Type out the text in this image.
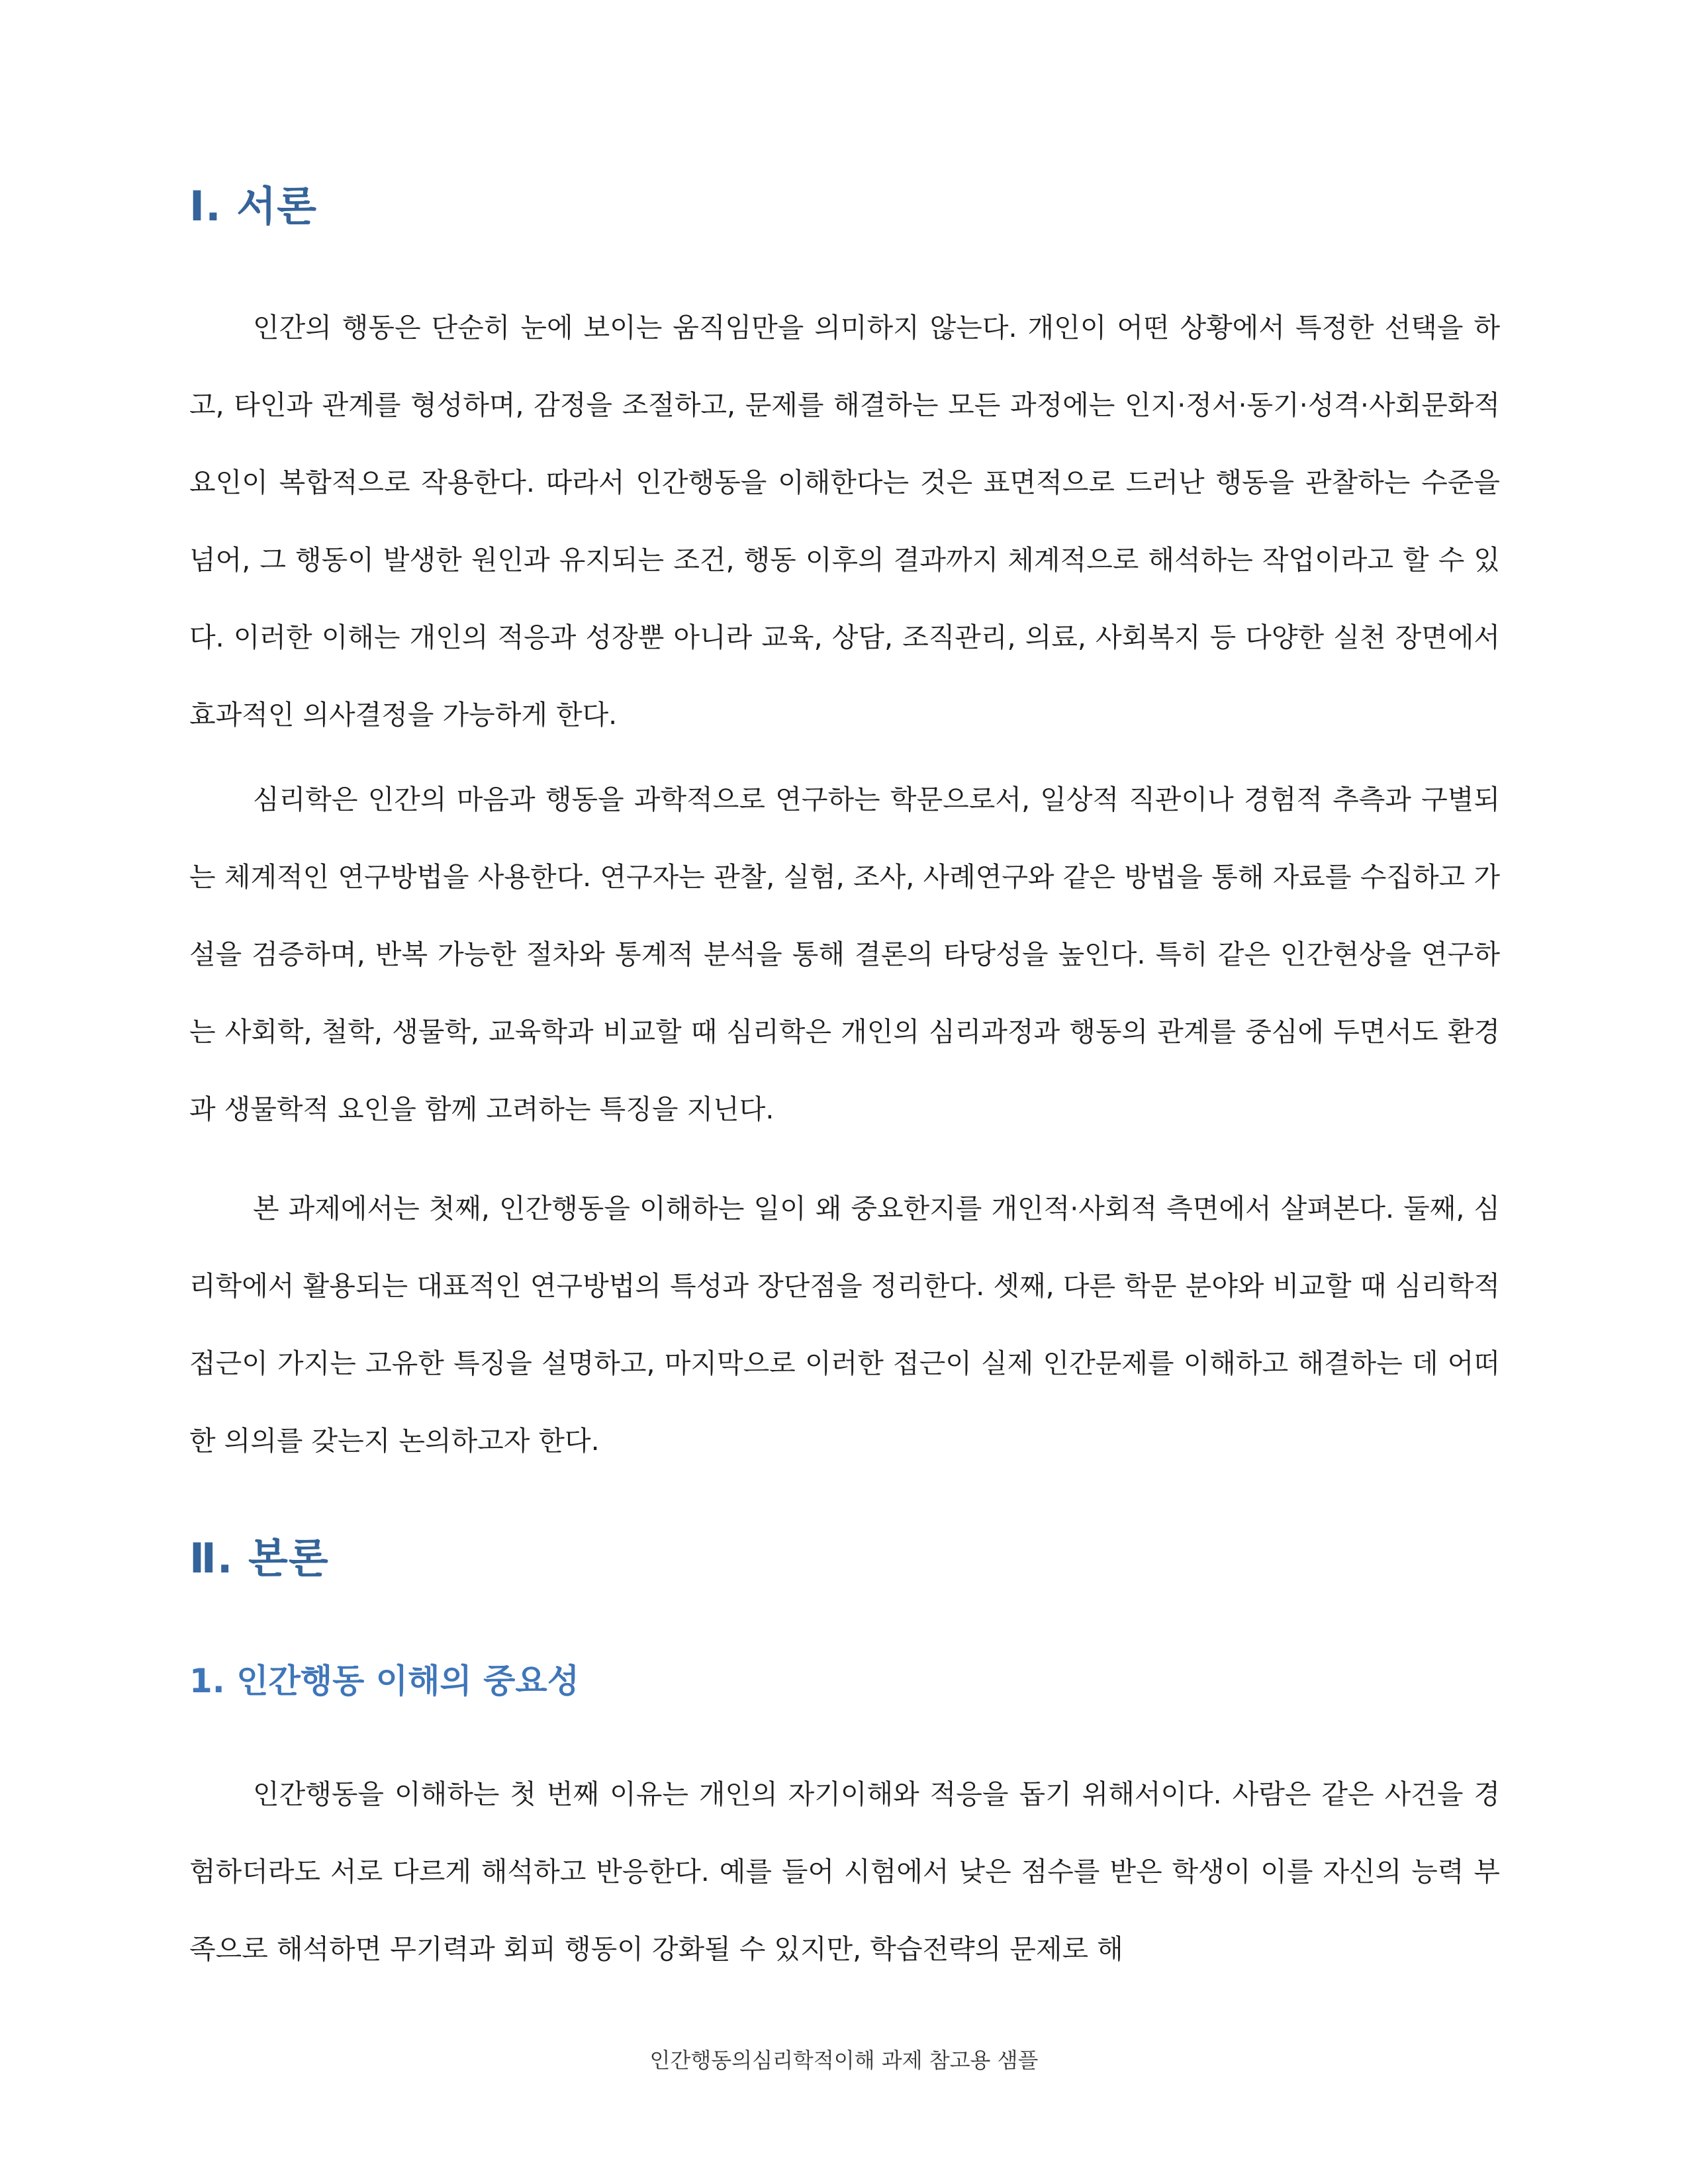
Ⅰ. 서론

인간의 행동은 단순히 눈에 보이는 움직임만을 의미하지 않는다. 개인이 어떤 상황에서 특정한 선택을 하고, 타인과 관계를 형성하며, 감정을 조절하고, 문제를 해결하는 모든 과정에는 인지·정서·동기·성격·사회문화적 요인이 복합적으로 작용한다. 따라서 인간행동을 이해한다는 것은 표면적으로 드러난 행동을 관찰하는 수준을 넘어, 그 행동이 발생한 원인과 유지되는 조건, 행동 이후의 결과까지 체계적으로 해석하는 작업이라고 할 수 있다. 이러한 이해는 개인의 적응과 성장뿐 아니라 교육, 상담, 조직관리, 의료, 사회복지 등 다양한 실천 장면에서 효과적인 의사결정을 가능하게 한다.

심리학은 인간의 마음과 행동을 과학적으로 연구하는 학문으로서, 일상적 직관이나 경험적 추측과 구별되는 체계적인 연구방법을 사용한다. 연구자는 관찰, 실험, 조사, 사례연구와 같은 방법을 통해 자료를 수집하고 가설을 검증하며, 반복 가능한 절차와 통계적 분석을 통해 결론의 타당성을 높인다. 특히 같은 인간현상을 연구하는 사회학, 철학, 생물학, 교육학과 비교할 때 심리학은 개인의 심리과정과 행동의 관계를 중심에 두면서도 환경과 생물학적 요인을 함께 고려하는 특징을 지닌다.

본 과제에서는 첫째, 인간행동을 이해하는 일이 왜 중요한지를 개인적·사회적 측면에서 살펴본다. 둘째, 심리학에서 활용되는 대표적인 연구방법의 특성과 장단점을 정리한다. 셋째, 다른 학문 분야와 비교할 때 심리학적 접근이 가지는 고유한 특징을 설명하고, 마지막으로 이러한 접근이 실제 인간문제를 이해하고 해결하는 데 어떠한 의의를 갖는지 논의하고자 한다.

Ⅱ. 본론
1. 인간행동 이해의 중요성

인간행동을 이해하는 첫 번째 이유는 개인의 자기이해와 적응을 돕기 위해서이다. 사람은 같은 사건을 경험하더라도 서로 다르게 해석하고 반응한다. 예를 들어 시험에서 낮은 점수를 받은 학생이 이를 자신의 능력 부족으로 해석하면 무기력과 회피 행동이 강화될 수 있지만, 학습전략의 문제로 해

인간행동의심리학적이해 과제 참고용 샘플
